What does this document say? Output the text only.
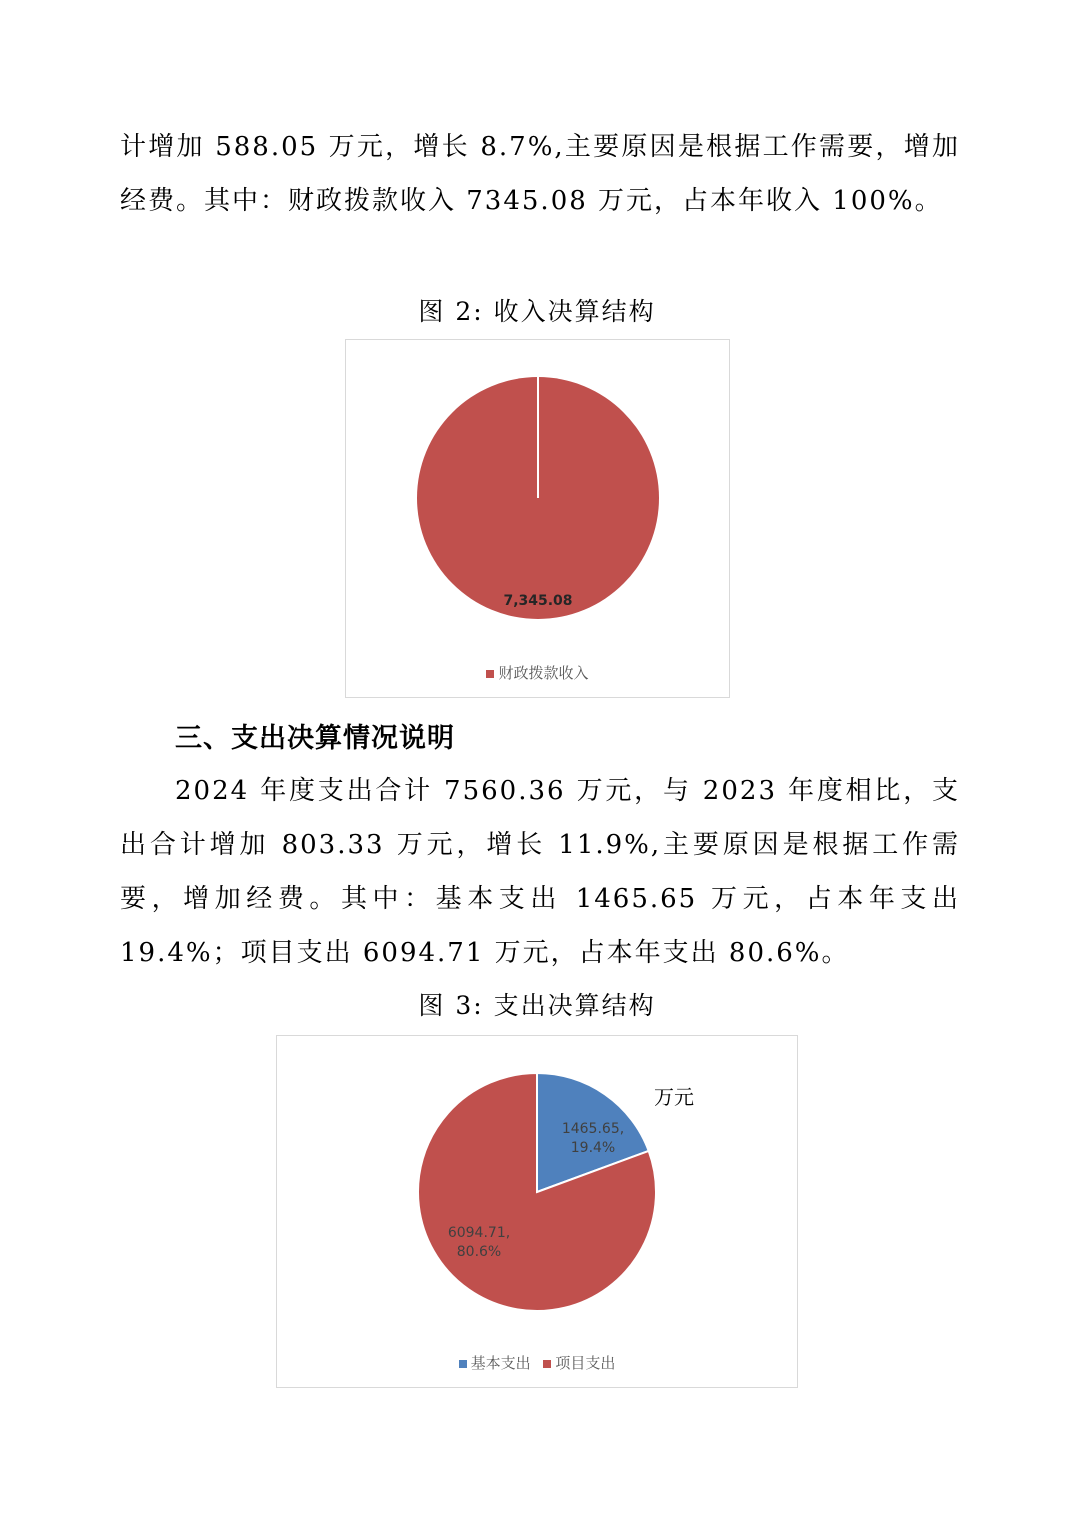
计增加 588.05 万元，增长 8.7%,主要原因是根据工作需要，增加经费。其中：财政拨款收入 7345.08 万元，占本年收入 100%。

图 2: 收入决算结构
7,345.08
财政拨款收入
三、支出决算情况说明

2024 年度支出合计 7560.36 万元，与 2023 年度相比，支出合计增加 803.33 万元，增长 11.9%,主要原因是根据工作需要，增加经费。其中：基本支出 1465.65 万元，占本年支出 19.4%；项目支出 6094.71 万元，占本年支出 80.6%。

图 3: 支出决算结构
1465.65, 19.4%
6094.71, 80.6%
万元
基本支出 项目支出
